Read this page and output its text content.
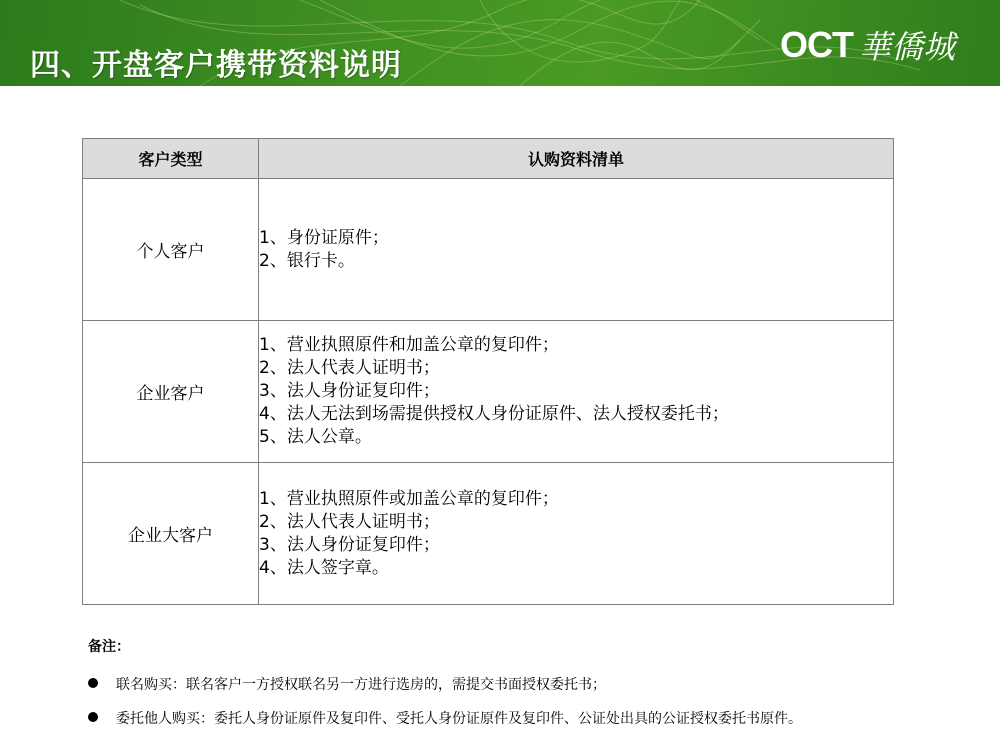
四、开盘客户携带资料说明
OCT 華僑城
客户类型	认购资料清单
个人客户	1、身份证原件；
2、银行卡。

企业客户	1、营业执照原件和加盖公章的复印件；
2、法人代表人证明书；
3、法人身份证复印件；
4、法人无法到场需提供授权人身份证原件、法人授权委托书；
5、法人公章。

企业大客户	1、营业执照原件或加盖公章的复印件；
2、法人代表人证明书；
3、法人身份证复印件；
4、法人签字章。
备注：
联名购买：联名客户一方授权联名另一方进行选房的，需提交书面授权委托书；
委托他人购买：委托人身份证原件及复印件、受托人身份证原件及复印件、公证处出具的公证授权委托书原件。
